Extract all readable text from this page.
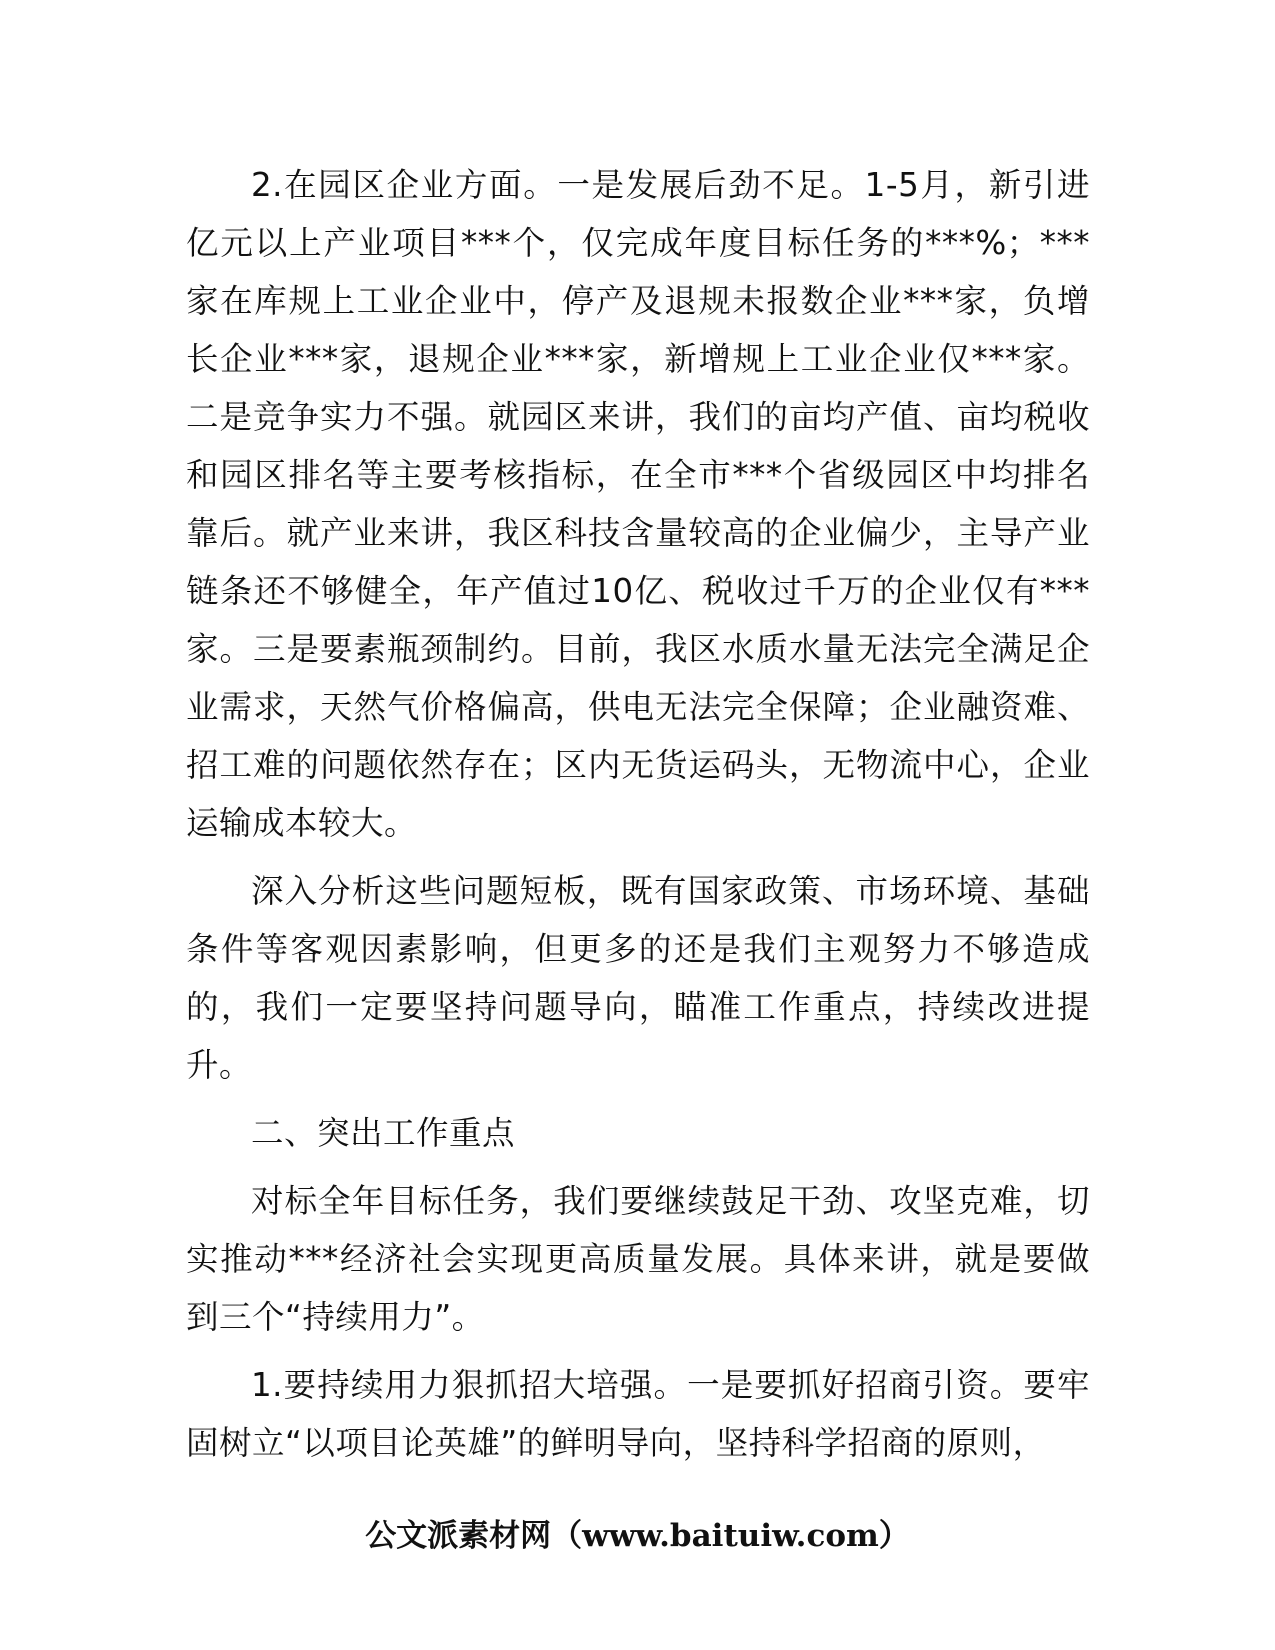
2.在园区企业方面。一是发展后劲不足。1-5月，新引进亿元以上产业项目***个，仅完成年度目标任务的***%；***家在库规上工业企业中，停产及退规未报数企业***家，负增长企业***家，退规企业***家，新增规上工业企业仅***家。二是竞争实力不强。就园区来讲，我们的亩均产值、亩均税收和园区排名等主要考核指标，在全市***个省级园区中均排名靠后。就产业来讲，我区科技含量较高的企业偏少，主导产业链条还不够健全，年产值过10亿、税收过千万的企业仅有***家。三是要素瓶颈制约。目前，我区水质水量无法完全满足企业需求，天然气价格偏高，供电无法完全保障；企业融资难、招工难的问题依然存在；区内无货运码头，无物流中心，企业运输成本较大。

深入分析这些问题短板，既有国家政策、市场环境、基础条件等客观因素影响，但更多的还是我们主观努力不够造成的，我们一定要坚持问题导向，瞄准工作重点，持续改进提升。

二、突出工作重点

对标全年目标任务，我们要继续鼓足干劲、攻坚克难，切实推动***经济社会实现更高质量发展。具体来讲，就是要做到三个“持续用力”。

1.要持续用力狠抓招大培强。一是要抓好招商引资。要牢固树立“以项目论英雄”的鲜明导向，坚持科学招商的原则，

公文派素材网（www.baituiw.com）
